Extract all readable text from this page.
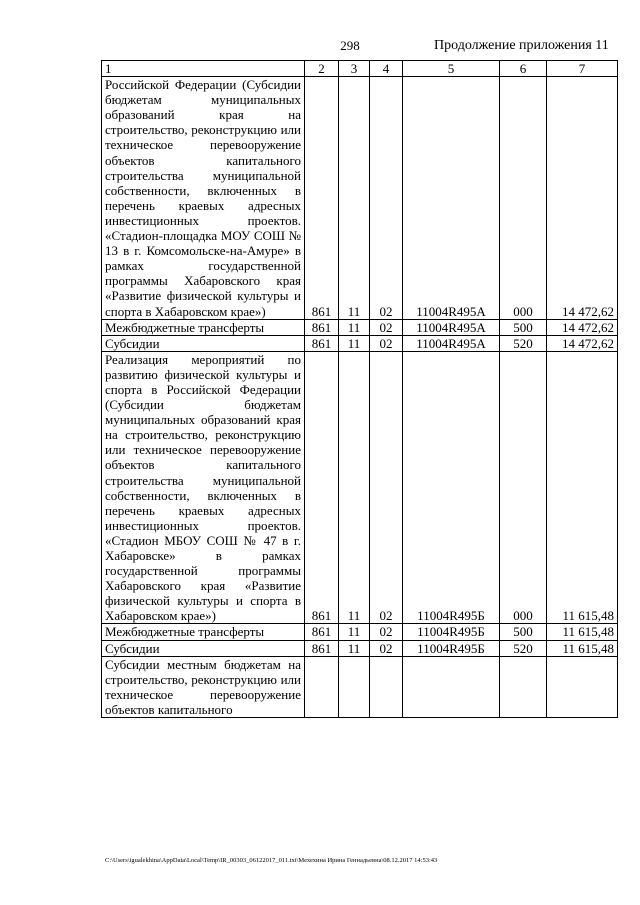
298	Продолжение приложения 11
1	2	3	4	5	6	7
Российской Федерации (Субсидии бюджетам муниципальных образований края на строительство, реконструкцию или техническое перевооружение объектов капитального строительства муниципальной собственности, включенных в перечень краевых адресных инвестиционных проектов. «Стадион-площадка МОУ СОШ № 13 в г. Комсомольске-на-Амуре» в рамках государственной программы Хабаровского края «Развитие физической культуры и спорта в Хабаровском крае»)	861	11	02	11004R495А	000	14 472,62
Межбюджетные трансферты	861	11	02	11004R495А	500	14 472,62
Субсидии	861	11	02	11004R495А	520	14 472,62
Реализация мероприятий по развитию физической культуры и спорта в Российской Федерации (Субсидии бюджетам муниципальных образований края на строительство, реконструкцию или техническое перевооружение объектов капитального строительства муниципальной собственности, включенных в перечень краевых адресных инвестиционных проектов. «Стадион МБОУ СОШ № 47 в г. Хабаровске» в рамках государственной программы Хабаровского края «Развитие физической культуры и спорта в Хабаровском крае»)	861	11	02	11004R495Б	000	11 615,48
Межбюджетные трансферты	861	11	02	11004R495Б	500	11 615,48
Субсидии	861	11	02	11004R495Б	520	11 615,48
Субсидии местным бюджетам на строительство, реконструкцию или техническое перевооружение объектов капитального						
C:\Users\igualekhina\AppData\Local\Temp\IR_00303_06122017_011.txt\Мехехина Ирина Геннадьевна\08.12.2017 14:53:43
